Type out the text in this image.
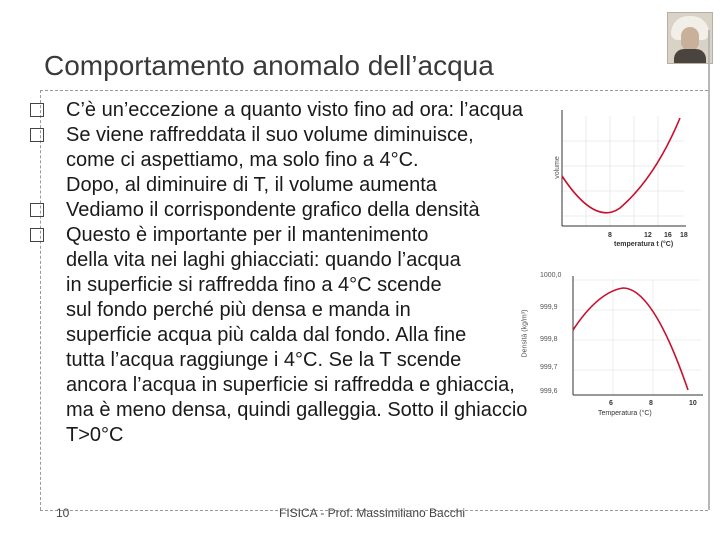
Comportamento anomalo dell’acqua
volume
8	12 16 18
temperatura t (°C)
1000,0
999,9
999,8
999,7
999,6
Densità (kg/m³)
6	8	10
Temperatura (°C)
C’è un’eccezione a quanto visto fino ad ora: l’acqua
Se viene raffreddata il suo volume diminuisce,
come ci aspettiamo, ma solo fino a 4°C.
Dopo, al diminuire di T, il volume aumenta
Vediamo il corrispondente grafico della densità
Questo è importante per il mantenimento
della vita nei laghi ghiacciati: quando l’acqua
in superficie si raffredda fino a 4°C scende
sul fondo perché più densa e manda in
superficie acqua più calda dal fondo. Alla fine
tutta l’acqua raggiunge i 4°C. Se la T scende
ancora l’acqua in superficie si raffredda e ghiaccia,
ma è meno densa, quindi galleggia. Sotto il ghiaccio
T>0°C
10	FISICA - Prof. Massimiliano Bacchi
